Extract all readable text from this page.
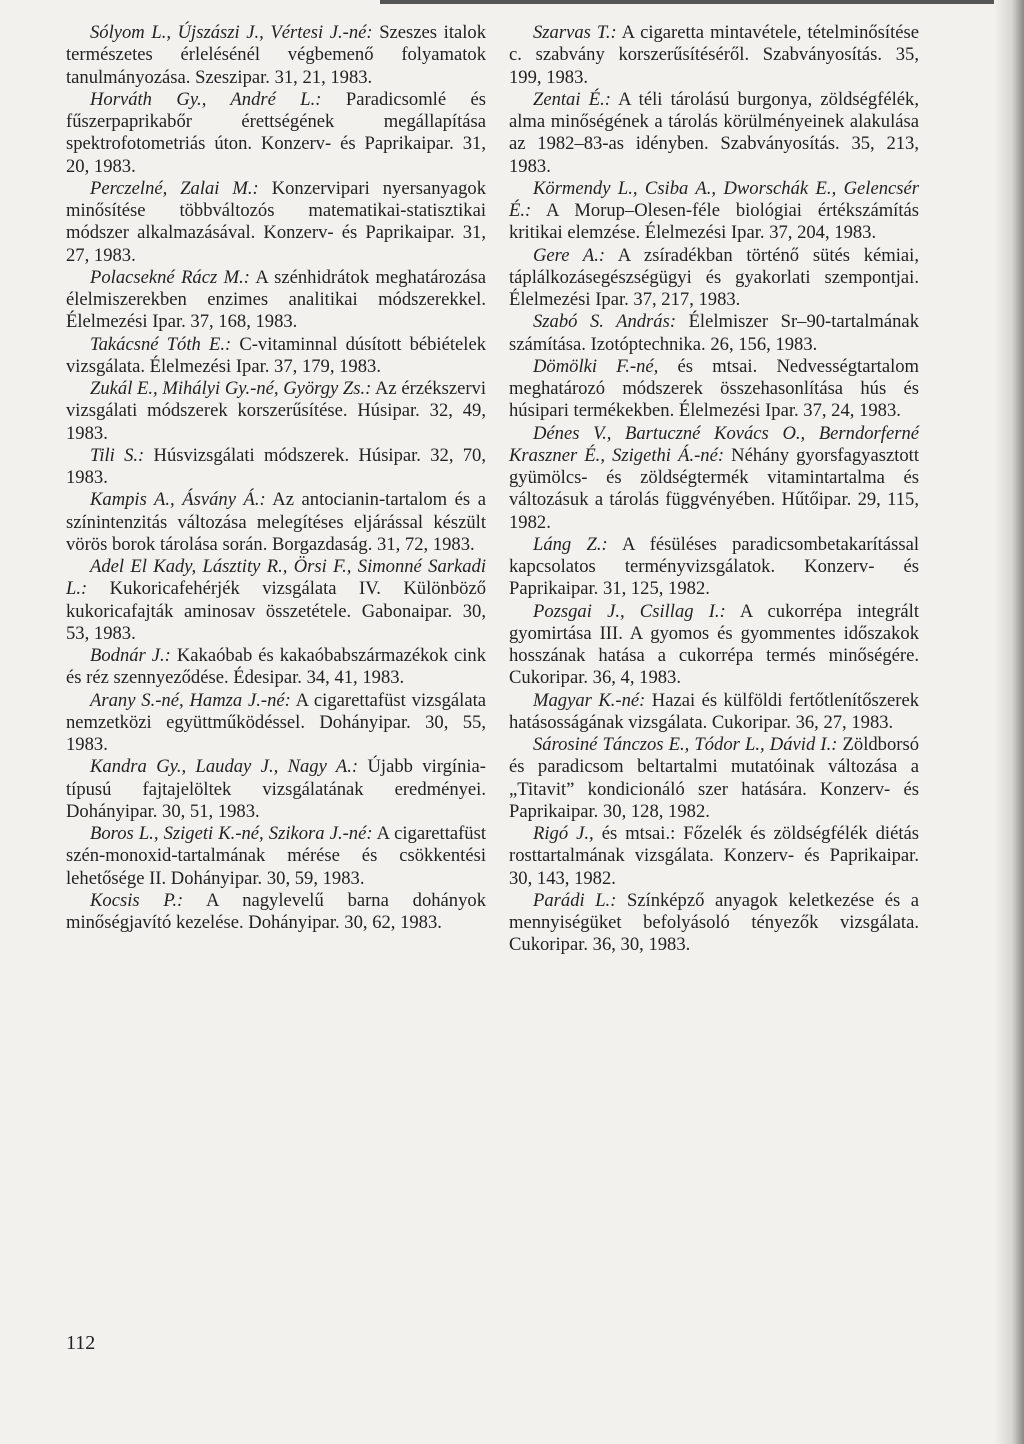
Sólyom L., Újszászi J., Vértesi J.-né: Szeszes italok természetes érlelésénél végbemenő folyamatok tanulmányozása. Szeszipar. 31, 21, 1983.

Horváth Gy., André L.: Paradicsomlé és fűszerpaprikabőr érettségének megállapítása spektrofotometriás úton. Konzerv- és Paprikaipar. 31, 20, 1983.

Perczelné, Zalai M.: Konzervipari nyersanyagok minősítése többváltozós matematikai-statisztikai módszer alkalmazásával. Konzerv- és Paprikaipar. 31, 27, 1983.

Polacsekné Rácz M.: A szénhidrátok meghatározása élelmiszerekben enzimes analitikai módszerekkel. Élelmezési Ipar. 37, 168, 1983.

Takácsné Tóth E.: C-vitaminnal dúsított bébiételek vizsgálata. Élelmezési Ipar. 37, 179, 1983.

Zukál E., Mihályi Gy.-né, György Zs.: Az érzékszervi vizsgálati módszerek korszerűsítése. Húsipar. 32, 49, 1983.

Tili S.: Húsvizsgálati módszerek. Húsipar. 32, 70, 1983.

Kampis A., Ásvány Á.: Az antocianin-tartalom és a színintenzitás változása melegítéses eljárással készült vörös borok tárolása során. Borgazdaság. 31, 72, 1983.

Adel El Kady, Lásztity R., Örsi F., Simonné Sarkadi L.: Kukoricafehérjék vizsgálata IV. Különböző kukoricafajták aminosav összetétele. Gabonaipar. 30, 53, 1983.

Bodnár J.: Kakaóbab és kakaóbabszármazékok cink és réz szennyeződése. Édesipar. 34, 41, 1983.

Arany S.-né, Hamza J.-né: A cigarettafüst vizsgálata nemzetközi együttműködéssel. Dohányipar. 30, 55, 1983.

Kandra Gy., Lauday J., Nagy A.: Újabb virgínia-típusú fajtajelöltek vizsgálatának eredményei. Dohányipar. 30, 51, 1983.

Boros L., Szigeti K.-né, Szikora J.-né: A cigarettafüst szén-monoxid-tartalmának mérése és csökkentési lehetősége II. Dohányipar. 30, 59, 1983.

Kocsis P.: A nagylevelű barna dohányok minőségjavító kezelése. Dohányipar. 30, 62, 1983.

Szarvas T.: A cigaretta mintavétele, tételminősítése c. szabvány korszerűsítéséről. Szabványosítás. 35, 199, 1983.

Zentai É.: A téli tárolású burgonya, zöldségfélék, alma minőségének a tárolás körülményeinek alakulása az 1982–83-as idényben. Szabványosítás. 35, 213, 1983.

Körmendy L., Csiba A., Dworschák E., Gelencsér É.: A Morup–Olesen-féle biológiai értékszámítás kritikai elemzése. Élelmezési Ipar. 37, 204, 1983.

Gere A.: A zsíradékban történő sütés kémiai, táplálkozásegészségügyi és gyakorlati szempontjai. Élelmezési Ipar. 37, 217, 1983.

Szabó S. András: Élelmiszer Sr–90-tartalmának számítása. Izotóptechnika. 26, 156, 1983.

Dömölki F.-né, és mtsai. Nedvességtartalom meghatározó módszerek összehasonlítása hús és húsipari termékekben. Élelmezési Ipar. 37, 24, 1983.

Dénes V., Bartuczné Kovács O., Berndorferné Kraszner É., Szigethi Á.-né: Néhány gyorsfagyasztott gyümölcs- és zöldségtermék vitamintartalma és változásuk a tárolás függvényében. Hűtőipar. 29, 115, 1982.

Láng Z.: A fésüléses paradicsombetakarítással kapcsolatos terményvizsgálatok. Konzerv- és Paprikaipar. 31, 125, 1982.

Pozsgai J., Csillag I.: A cukorrépa integrált gyomirtása III. A gyomos és gyommentes időszakok hosszának hatása a cukorrépa termés minőségére. Cukoripar. 36, 4, 1983.

Magyar K.-né: Hazai és külföldi fertőtlenítőszerek hatásosságának vizsgálata. Cukoripar. 36, 27, 1983.

Sárosiné Tánczos E., Tódor L., Dávid I.: Zöldborsó és paradicsom beltartalmi mutatóinak változása a „Titavit” kondicionáló szer hatására. Konzerv- és Paprikaipar. 30, 128, 1982.

Rigó J., és mtsai.: Főzelék és zöldségfélék diétás rosttartalmának vizsgálata. Konzerv- és Paprikaipar. 30, 143, 1982.

Parádi L.: Színképző anyagok keletkezése és a mennyiségüket befolyásoló tényezők vizsgálata. Cukoripar. 36, 30, 1983.

112
